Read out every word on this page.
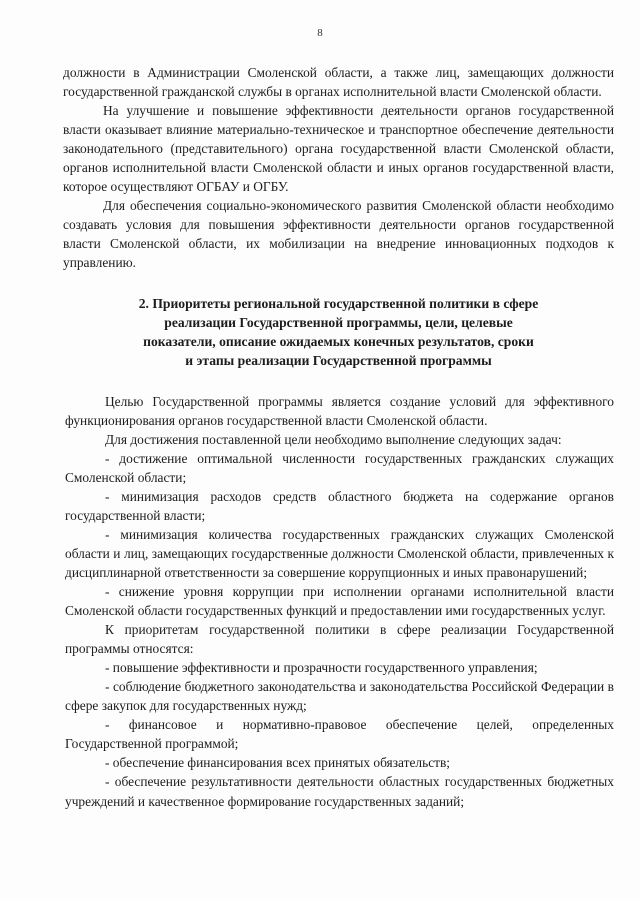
8

должности в Администрации Смоленской области, а также лиц, замещающих должности государственной гражданской службы в органах исполнительной власти Смоленской области.

На улучшение и повышение эффективности деятельности органов государственной власти оказывает влияние материально-техническое и транспортное обеспечение деятельности законодательного (представительного) органа государственной власти Смоленской области, органов исполнительной власти Смоленской области и иных органов государственной власти, которое осуществляют ОГБАУ и ОГБУ.

Для обеспечения социально-экономического развития Смоленской области необходимо создавать условия для повышения эффективности деятельности органов государственной власти Смоленской области, их мобилизации на внедрение инновационных подходов к управлению.

2. Приоритеты региональной государственной политики в сфере
реализации Государственной программы, цели, целевые
показатели, описание ожидаемых конечных результатов, сроки
и этапы реализации Государственной программы

Целью Государственной программы является создание условий для эффективного функционирования органов государственной власти Смоленской области.

Для достижения поставленной цели необходимо выполнение следующих задач:

- достижение оптимальной численности государственных гражданских служащих Смоленской области;

- минимизация расходов средств областного бюджета на содержание органов государственной власти;

- минимизация количества государственных гражданских служащих Смоленской области и лиц, замещающих государственные должности Смоленской области, привлеченных к дисциплинарной ответственности за совершение коррупционных и иных правонарушений;

- снижение уровня коррупции при исполнении органами исполнительной власти Смоленской области государственных функций и предоставлении ими государственных услуг.

К приоритетам государственной политики в сфере реализации Государственной программы относятся:

- повышение эффективности и прозрачности государственного управления;

- соблюдение бюджетного законодательства и законодательства Российской Федерации в сфере закупок для государственных нужд;

- финансовое и нормативно-правовое обеспечение целей, определенных Государственной программой;

- обеспечение финансирования всех принятых обязательств;

- обеспечение результативности деятельности областных государственных бюджетных учреждений и качественное формирование государственных заданий;
